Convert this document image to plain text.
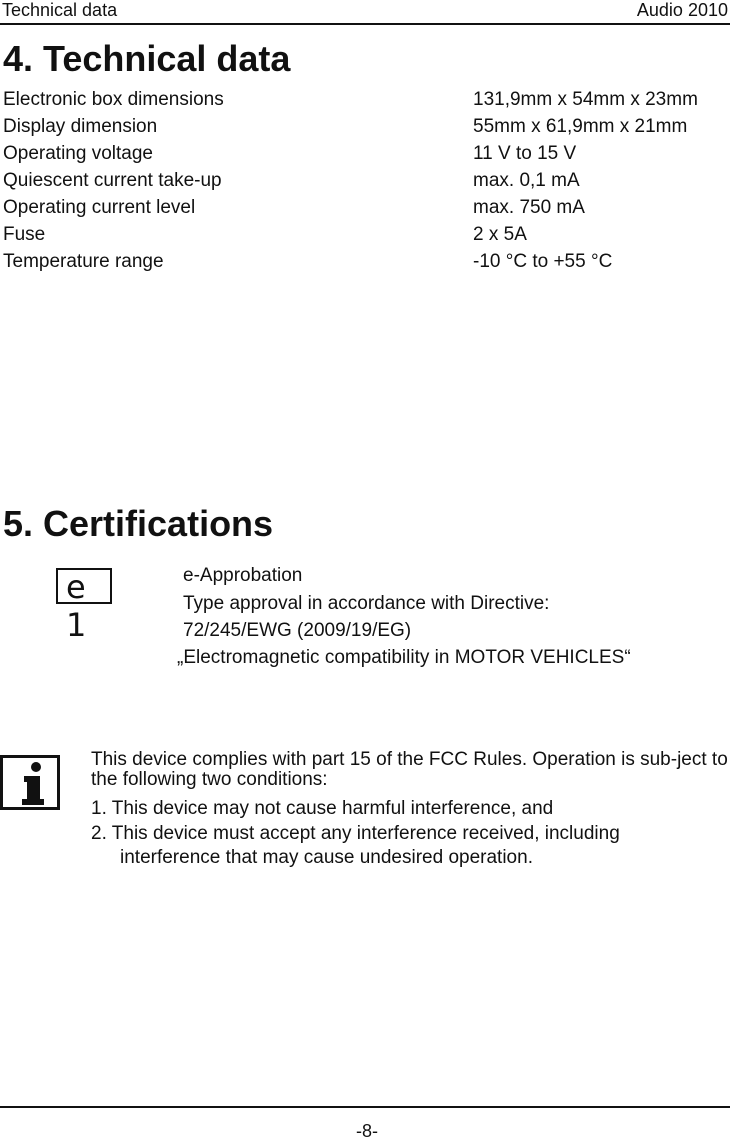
Technical data	Audio 2010
4. Technical data
Electronic box dimensions	131,9mm x 54mm x 23mm
Display dimension	55mm x 61,9mm x 21mm
Operating voltage	11 V to 15 V
Quiescent current take-up	max. 0,1 mA
Operating current level	max. 750 mA
Fuse	2 x 5A
Temperature range	-10 °C to +55 °C
5. Certifications
e 1
e-Approbation
Type approval in accordance with Directive:
72/245/EWG (2009/19/EG)
„Electromagnetic compatibility in MOTOR VEHICLES“
This device complies with part 15 of the FCC Rules. Operation is sub-ject to the following two conditions:
1. This device may not cause harmful interference, and
2. This device must accept any interference received, including
interference that may cause undesired operation.
-8-
